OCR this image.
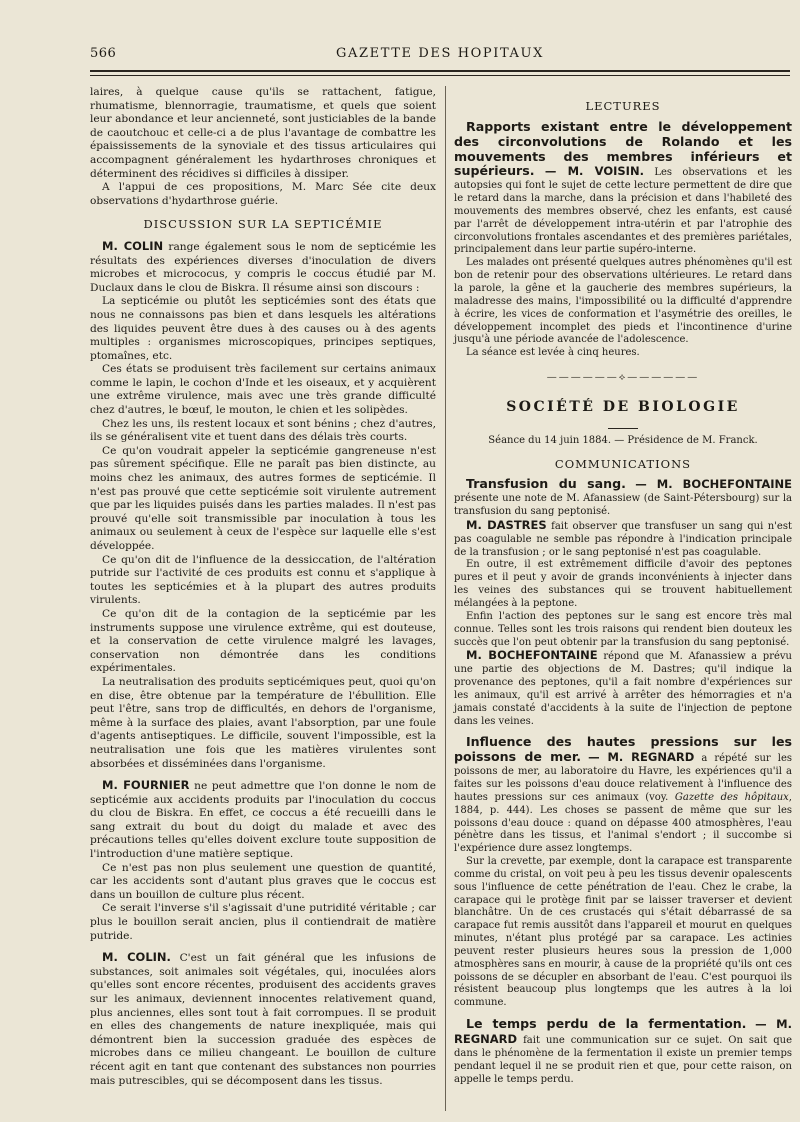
566	GAZETTE DES HOPITAUX

laires, à quelque cause qu'ils se rattachent, fatigue, rhumatisme, blennorragie, traumatisme, et quels que soient leur abondance et leur ancienneté, sont justiciables de la bande de caoutchouc et celle-ci a de plus l'avantage de combattre les épaississements de la synoviale et des tissus articulaires qui accompagnent généralement les hydarthroses chroniques et déterminent des récidives si difficiles à dissiper.

A l'appui de ces propositions, M. Marc Sée cite deux observations d'hydarthrose guérie.

DISCUSSION SUR LA SEPTICÉMIE

M. COLIN range également sous le nom de septicémie les résultats des expériences diverses d'inoculation de divers microbes et micrococus, y compris le coccus étudié par M. Duclaux dans le clou de Biskra. Il résume ainsi son discours :

La septicémie ou plutôt les septicémies sont des états que nous ne connaissons pas bien et dans lesquels les altérations des liquides peuvent être dues à des causes ou à des agents multiples : organismes microscopiques, principes septiques, ptomaînes, etc.

Ces états se produisent très facilement sur certains animaux comme le lapin, le cochon d'Inde et les oiseaux, et y acquièrent une extrême virulence, mais avec une très grande difficulté chez d'autres, le bœuf, le mouton, le chien et les solipèdes.

Chez les uns, ils restent locaux et sont bénins ; chez d'autres, ils se généralisent vite et tuent dans des délais très courts.

Ce qu'on voudrait appeler la septicémie gangreneuse n'est pas sûrement spécifique. Elle ne paraît pas bien distincte, au moins chez les animaux, des autres formes de septicémie. Il n'est pas prouvé que cette septicémie soit virulente autrement que par les liquides puisés dans les parties malades. Il n'est pas prouvé qu'elle soit transmissible par inoculation à tous les animaux ou seulement à ceux de l'espèce sur laquelle elle s'est développée.

Ce qu'on dit de l'influence de la dessiccation, de l'altération putride sur l'activité de ces produits est connu et s'applique à toutes les septicémies et à la plupart des autres produits virulents.

Ce qu'on dit de la contagion de la septicémie par les instruments suppose une virulence extrême, qui est douteuse, et la conservation de cette virulence malgré les lavages, conservation non démontrée dans les conditions expérimentales.

La neutralisation des produits septicémiques peut, quoi qu'on en dise, être obtenue par la température de l'ébullition. Elle peut l'être, sans trop de difficultés, en dehors de l'organisme, même à la surface des plaies, avant l'absorption, par une foule d'agents antiseptiques. Le difficile, souvent l'impossible, est la neutralisation une fois que les matières virulentes sont absorbées et disséminées dans l'organisme.

M. FOURNIER ne peut admettre que l'on donne le nom de septicémie aux accidents produits par l'inoculation du coccus du clou de Biskra. En effet, ce coccus a été recueilli dans le sang extrait du bout du doigt du malade et avec des précautions telles qu'elles doivent exclure toute supposition de l'introduction d'une matière septique.

Ce n'est pas non plus seulement une question de quantité, car les accidents sont d'autant plus graves que le coccus est dans un bouillon de culture plus récent.

Ce serait l'inverse s'il s'agissait d'une putridité véritable ; car plus le bouillon serait ancien, plus il contiendrait de matière putride.

M. COLIN. C'est un fait général que les infusions de substances, soit animales soit végétales, qui, inoculées alors qu'elles sont encore récentes, produisent des accidents graves sur les animaux, deviennent innocentes relativement quand, plus anciennes, elles sont tout à fait corrompues. Il se produit en elles des changements de nature inexpliquée, mais qui démontrent bien la succession graduée des espèces de microbes dans ce milieu changeant. Le bouillon de culture récent agit en tant que contenant des substances non pourries mais putrescibles, qui se décomposent dans les tissus.

LECTURES

Rapports existant entre le développement des circonvolutions de Rolando et les mouvements des membres inférieurs et supérieurs. — M. VOISIN. Les observations et les autopsies qui font le sujet de cette lecture permettent de dire que le retard dans la marche, dans la précision et dans l'habileté des mouvements des membres observé, chez les enfants, est causé par l'arrêt de développement intra-utérin et par l'atrophie des circonvolutions frontales ascendantes et des premières pariétales, principalement dans leur partie supéro-interne.

Les malades ont présenté quelques autres phénomènes qu'il est bon de retenir pour des observations ultérieures. Le retard dans la parole, la gêne et la gaucherie des membres supérieurs, la maladresse des mains, l'impossibilité ou la difficulté d'apprendre à écrire, les vices de conformation et l'asymétrie des oreilles, le développement incomplet des pieds et l'incontinence d'urine jusqu'à une période avancée de l'adolescence.

La séance est levée à cinq heures.

——————⟡——————
SOCIÉTÉ DE BIOLOGIE

Séance du 14 juin 1884. — Présidence de M. Franck.

COMMUNICATIONS

Transfusion du sang. — M. BOCHEFONTAINE présente une note de M. Afanassiew (de Saint-Pétersbourg) sur la transfusion du sang peptonisé.

M. DASTRES fait observer que transfuser un sang qui n'est pas coagulable ne semble pas répondre à l'indication principale de la transfusion ; or le sang peptonisé n'est pas coagulable.

En outre, il est extrêmement difficile d'avoir des peptones pures et il peut y avoir de grands inconvénients à injecter dans les veines des substances qui se trouvent habituellement mélangées à la peptone.

Enfin l'action des peptones sur le sang est encore très mal connue. Telles sont les trois raisons qui rendent bien douteux les succès que l'on peut obtenir par la transfusion du sang peptonisé.

M. BOCHEFONTAINE répond que M. Afanassiew a prévu une partie des objections de M. Dastres; qu'il indique la provenance des peptones, qu'il a fait nombre d'expériences sur les animaux, qu'il est arrivé à arrêter des hémorragies et n'a jamais constaté d'accidents à la suite de l'injection de peptone dans les veines.

Influence des hautes pressions sur les poissons de mer. — M. REGNARD a répété sur les poissons de mer, au laboratoire du Havre, les expériences qu'il a faites sur les poissons d'eau douce relativement à l'influence des hautes pressions sur ces animaux (voy. Gazette des hôpitaux, 1884, p. 444). Les choses se passent de même que sur les poissons d'eau douce : quand on dépasse 400 atmosphères, l'eau pénètre dans les tissus, et l'animal s'endort ; il succombe si l'expérience dure assez longtemps.

Sur la crevette, par exemple, dont la carapace est transparente comme du cristal, on voit peu à peu les tissus devenir opalescents sous l'influence de cette pénétration de l'eau. Chez le crabe, la carapace qui le protège finit par se laisser traverser et devient blanchâtre. Un de ces crustacés qui s'était débarrassé de sa carapace fut remis aussitôt dans l'appareil et mourut en quelques minutes, n'étant plus protégé par sa carapace. Les actinies peuvent rester plusieurs heures sous la pression de 1,000 atmosphères sans en mourir, à cause de la propriété qu'ils ont ces poissons de se décupler en absorbant de l'eau. C'est pourquoi ils résistent beaucoup plus longtemps que les autres à la loi commune.

Le temps perdu de la fermentation. — M. REGNARD fait une communication sur ce sujet. On sait que dans le phénomène de la fermentation il existe un premier temps pendant lequel il ne se produit rien et que, pour cette raison, on appelle le temps perdu.
